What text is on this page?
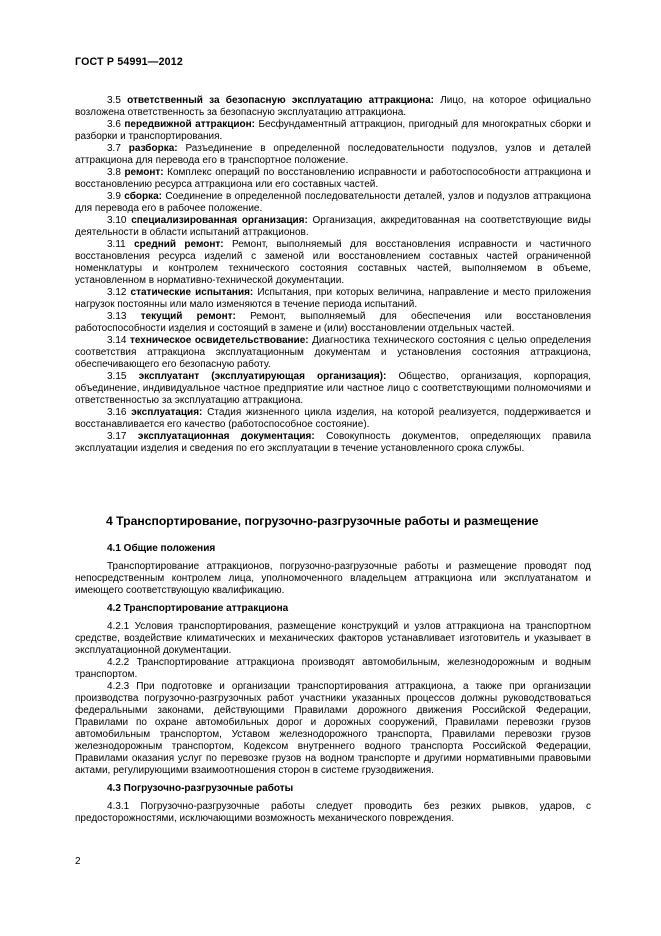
ГОСТ Р 54991—2012

3.5 ответственный за безопасную эксплуатацию аттракциона: Лицо, на которое официально возложена ответственность за безопасную эксплуатацию аттракциона.

3.6 передвижной аттракцион: Бесфундаментный аттракцион, пригодный для многократных сборки и разборки и транспортирования.

3.7 разборка: Разъединение в определенной последовательности подузлов, узлов и деталей аттракциона для перевода его в транспортное положение.

3.8 ремонт: Комплекс операций по восстановлению исправности и работоспособности аттракциона и восстановлению ресурса аттракциона или его составных частей.

3.9 сборка: Соединение в определенной последовательности деталей, узлов и подузлов аттракциона для перевода его в рабочее положение.

3.10 специализированная организация: Организация, аккредитованная на соответствующие виды деятельности в области испытаний аттракционов.

3.11 средний ремонт: Ремонт, выполняемый для восстановления исправности и частичного восстановления ресурса изделий с заменой или восстановлением составных частей ограниченной номенклатуры и контролем технического состояния составных частей, выполняемом в объеме, установленном в нормативно-технической документации.

3.12 статические испытания: Испытания, при которых величина, направление и место приложения нагрузок постоянны или мало изменяются в течение периода испытаний.

3.13 текущий ремонт: Ремонт, выполняемый для обеспечения или восстановления работоспособности изделия и состоящий в замене и (или) восстановлении отдельных частей.

3.14 техническое освидетельствование: Диагностика технического состояния с целью определения соответствия аттракциона эксплуатационным документам и установления состояния аттракциона, обеспечивающего его безопасную работу.

3.15 эксплуатант (эксплуатирующая организация): Общество, организация, корпорация, объединение, индивидуальное частное предприятие или частное лицо с соответствующими полномочиями и ответственностью за эксплуатацию аттракциона.

3.16 эксплуатация: Стадия жизненного цикла изделия, на которой реализуется, поддерживается и восстанавливается его качество (работоспособное состояние).

3.17 эксплуатационная документация: Совокупность документов, определяющих правила эксплуатации изделия и сведения по его эксплуатации в течение установленного срока службы.

4 Транспортирование, погрузочно-разгрузочные работы и размещение

4.1 Общие положения

Транспортирование аттракционов, погрузочно-разгрузочные работы и размещение проводят под непосредственным контролем лица, уполномоченного владельцем аттракциона или эксплуатанатом и имеющего соответствующую квалификацию.

4.2 Транспортирование аттракциона

4.2.1 Условия транспортирования, размещение конструкций и узлов аттракциона на транспортном средстве, воздействие климатических и механических факторов устанавливает изготовитель и указывает в эксплуатационной документации.

4.2.2 Транспортирование аттракциона производят автомобильным, железнодорожным и водным транспортом.

4.2.3 При подготовке и организации транспортирования аттракциона, а также при организации производства погрузочно-разгрузочных работ участники указанных процессов должны руководствоваться федеральными законами, действующими Правилами дорожного движения Российской Федерации, Правилами по охране автомобильных дорог и дорожных сооружений, Правилами перевозки грузов автомобильным транспортом, Уставом железнодорожного транспорта, Правилами перевозки грузов железнодорожным транспортом, Кодексом внутреннего водного транспорта Российской Федерации, Правилами оказания услуг по перевозке грузов на водном транспорте и другими нормативными правовыми актами, регулирующими взаимоотношения сторон в системе грузодвижения.

4.3 Погрузочно-разгрузочные работы

4.3.1 Погрузочно-разгрузочные работы следует проводить без резких рывков, ударов, с предосторожностями, исключающими возможность механического повреждения.

2
